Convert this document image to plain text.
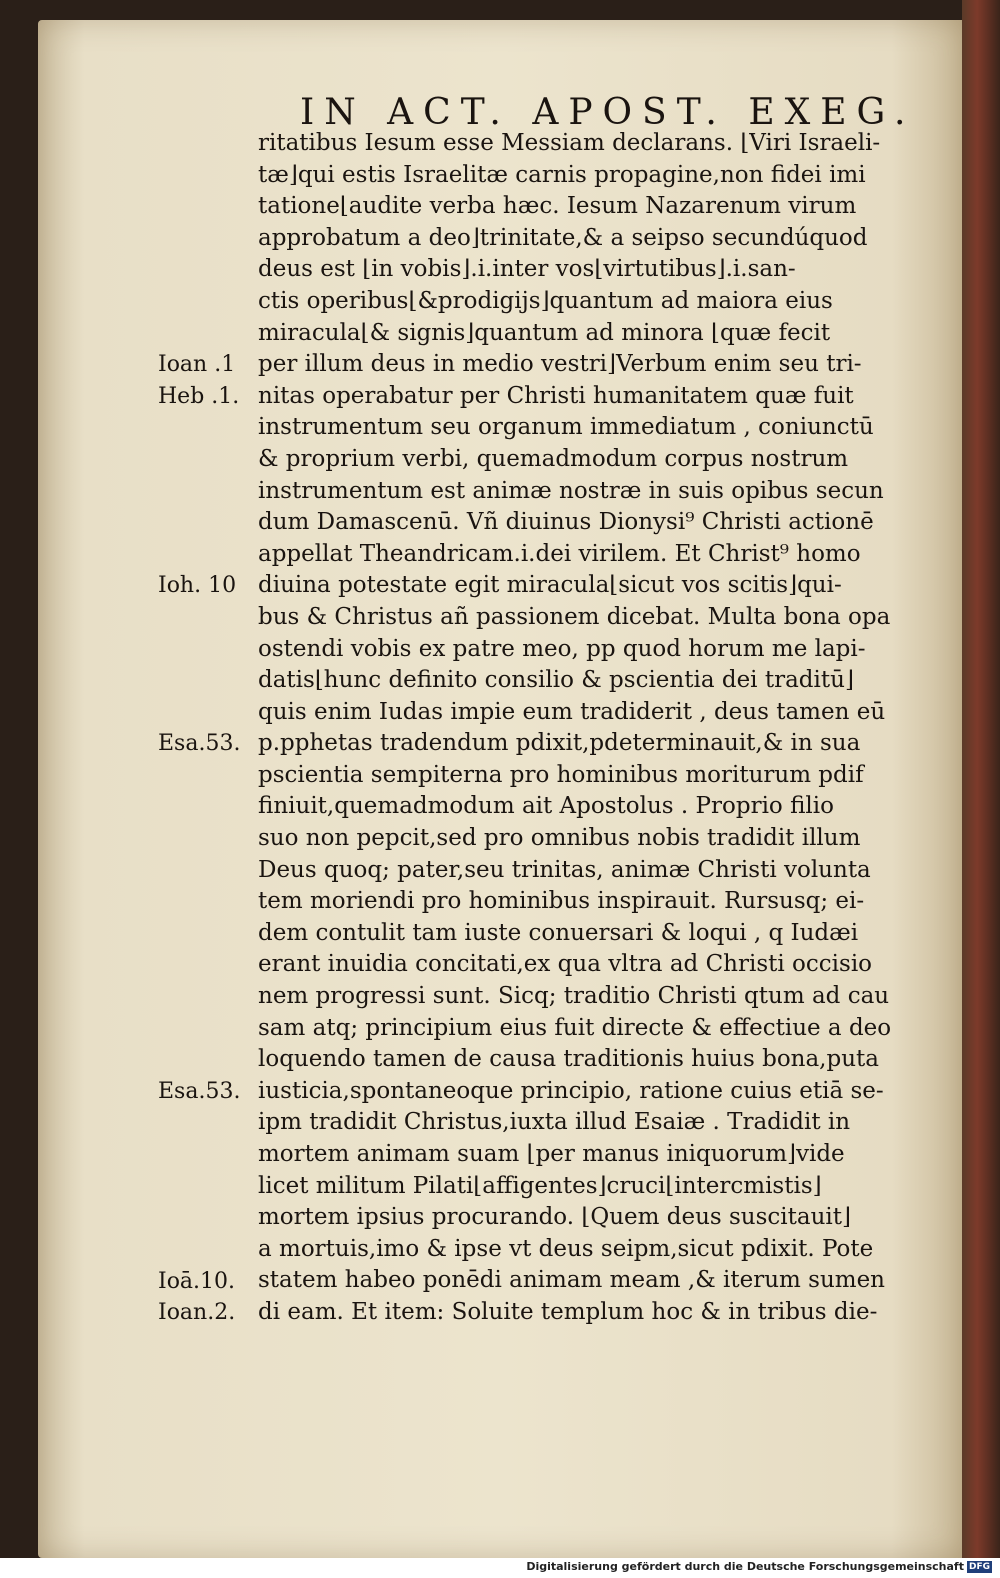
IN ACT. APOST. EXEG.
ritatibus Iesum esse Messiam declarans. ⌊Viri Israeli-
tæ⌋qui estis Israelitæ carnis propagine,non fidei imi
tatione⌊audite verba hæc. Iesum Nazarenum virum
approbatum a deo⌋trinitate,& a seipso secundúquod
deus est ⌊in vobis⌋.i.inter vos⌊virtutibus⌋.i.san-
ctis operibus⌊&prodigijs⌋quantum ad maiora eius
miracula⌊& signis⌋quantum ad minora ⌊quæ fecit
per illum deus in medio vestri⌋Verbum enim seu tri-
nitas operabatur per Christi humanitatem quæ fuit
instrumentum seu organum immediatum , coniunctū
& proprium verbi, quemadmodum corpus nostrum
instrumentum est animæ nostræ in suis opibus secun
dum Damascenū. Vñ diuinus Dionysi⁹ Christi actionē
appellat Theandricam.i.dei virilem. Et Christ⁹ homo
diuina potestate egit miracula⌊sicut vos scitis⌋qui-
bus & Christus añ passionem dicebat. Multa bona opa
ostendi vobis ex patre meo, pp quod horum me lapi-
datis⌊hunc definito consilio & pscientia dei traditū⌋
quis enim Iudas impie eum tradiderit , deus tamen eū
p.pphetas tradendum pdixit,pdeterminauit,& in sua
pscientia sempiterna pro hominibus moriturum pdif
finiuit,quemadmodum ait Apostolus . Proprio filio
suo non pepcit,sed pro omnibus nobis tradidit illum
Deus quoq; pater,seu trinitas, animæ Christi volunta
tem moriendi pro hominibus inspirauit. Rursusq; ei-
dem contulit tam iuste conuersari & loqui , q Iudæi
erant inuidia concitati,ex qua vltra ad Christi occisio
nem progressi sunt. Sicq; traditio Christi qtum ad cau
sam atq; principium eius fuit directe & effectiue a deo
loquendo tamen de causa traditionis huius bona,puta
iusticia,spontaneoque principio, ratione cuius etiā se-
ipm tradidit Christus,iuxta illud Esaiæ . Tradidit in
mortem animam suam ⌊per manus iniquorum⌋vide
licet militum Pilati⌊affigentes⌋cruci⌊intercmistis⌋
mortem ipsius procurando. ⌊Quem deus suscitauit⌋
a mortuis,imo & ipse vt deus seipm,sicut pdixit. Pote
statem habeo ponēdi animam meam ,& iterum sumen
di eam. Et item: Soluite templum hoc & in tribus die-
Ioan .1
Heb .1.
Ioh. 10
Esa.53.
Esa.53.
Ioā.10.
Ioan.2.
Digitalisierung gefördert durch die Deutsche Forschungsgemeinschaft DFG
